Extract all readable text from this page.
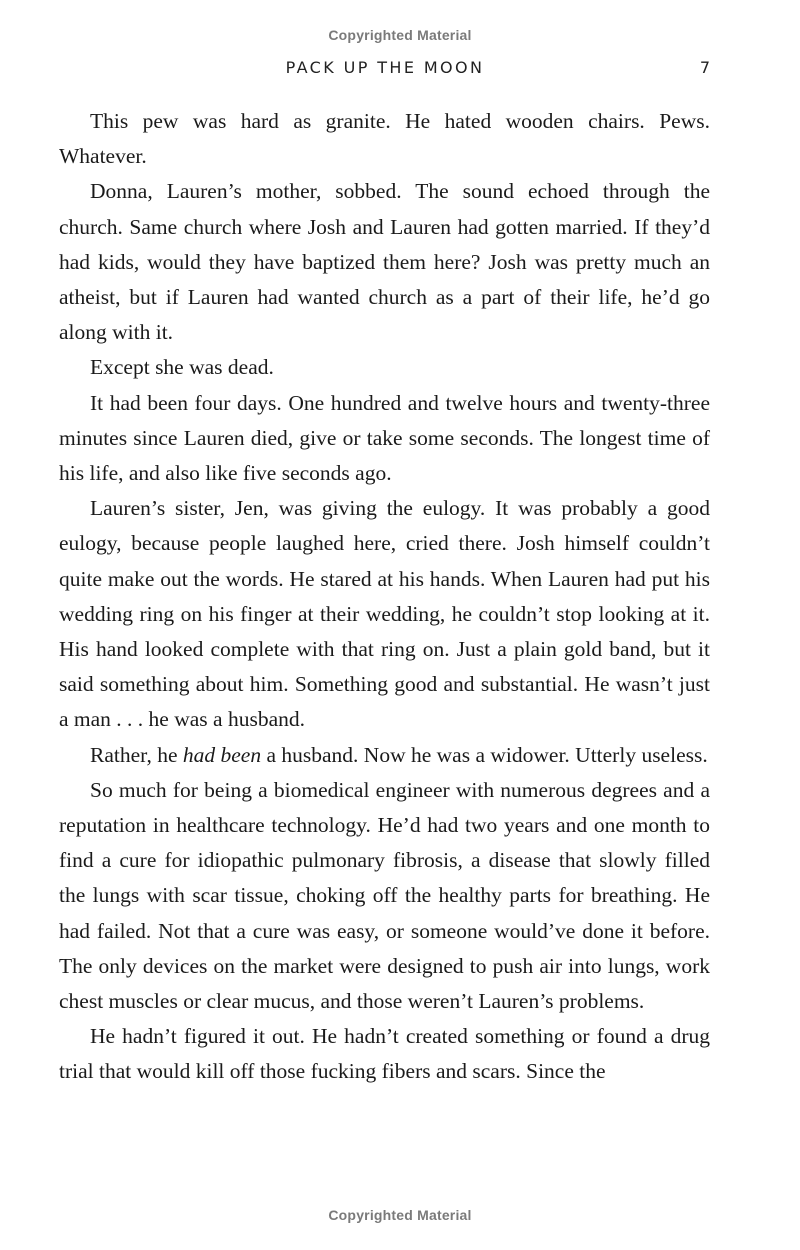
Copyrighted Material
PACK UP THE MOON	7

This pew was hard as granite. He hated wooden chairs. Pews. Whatever.

Donna, Lauren’s mother, sobbed. The sound echoed through the church. Same church where Josh and Lauren had gotten married. If they’d had kids, would they have baptized them here? Josh was pretty much an atheist, but if Lauren had wanted church as a part of their life, he’d go along with it.

Except she was dead.

It had been four days. One hundred and twelve hours and twenty-three minutes since Lauren died, give or take some seconds. The longest time of his life, and also like five seconds ago.

Lauren’s sister, Jen, was giving the eulogy. It was probably a good eulogy, because people laughed here, cried there. Josh himself couldn’t quite make out the words. He stared at his hands. When Lauren had put his wedding ring on his finger at their wedding, he couldn’t stop looking at it. His hand looked complete with that ring on. Just a plain gold band, but it said something about him. Something good and substantial. He wasn’t just a man . . . he was a husband.

Rather, he had been a husband. Now he was a widower. Utterly useless.

So much for being a biomedical engineer with numerous degrees and a reputation in healthcare technology. He’d had two years and one month to find a cure for idiopathic pulmonary fibrosis, a disease that slowly filled the lungs with scar tissue, choking off the healthy parts for breathing. He had failed. Not that a cure was easy, or someone would’ve done it before. The only devices on the market were designed to push air into lungs, work chest muscles or clear mucus, and those weren’t Lauren’s problems.

He hadn’t figured it out. He hadn’t created something or found a drug trial that would kill off those fucking fibers and scars. Since the

Copyrighted Material
